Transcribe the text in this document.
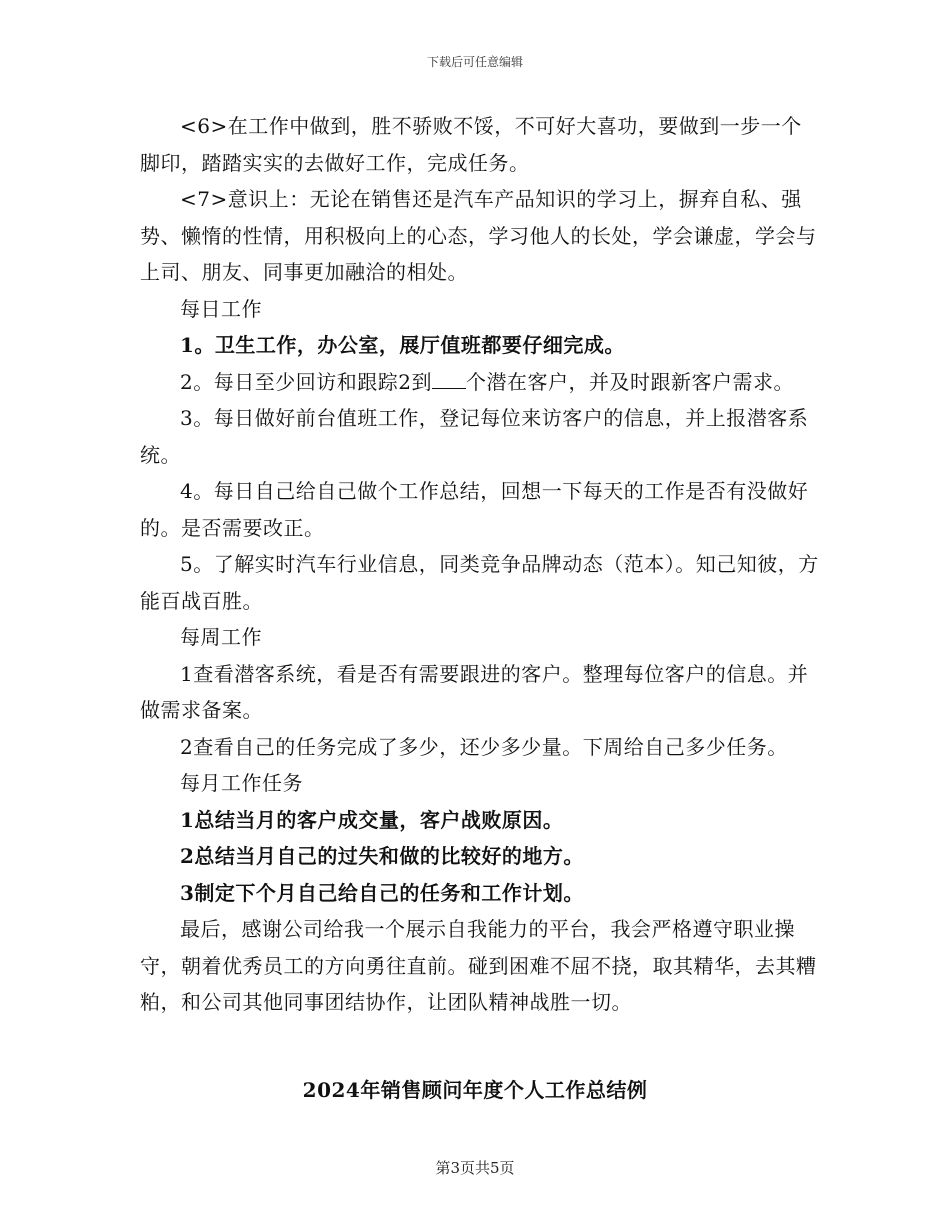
下载后可任意编辑

<6>在工作中做到，胜不骄败不馁，不可好大喜功，要做到一步一个脚印，踏踏实实的去做好工作，完成任务。

<7>意识上：无论在销售还是汽车产品知识的学习上，摒弃自私、强势、懒惰的性情，用积极向上的心态，学习他人的长处，学会谦虚，学会与上司、朋友、同事更加融洽的相处。

每日工作

1。卫生工作，办公室，展厅值班都要仔细完成。

2。每日至少回访和跟踪2到 个潜在客户，并及时跟新客户需求。

3。每日做好前台值班工作，登记每位来访客户的信息，并上报潜客系统。

4。每日自己给自己做个工作总结，回想一下每天的工作是否有没做好的。是否需要改正。

5。了解实时汽车行业信息，同类竞争品牌动态（范本）。知己知彼，方能百战百胜。

每周工作

1查看潜客系统，看是否有需要跟进的客户。整理每位客户的信息。并做需求备案。

2查看自己的任务完成了多少，还少多少量。下周给自己多少任务。

每月工作任务

1总结当月的客户成交量，客户战败原因。

2总结当月自己的过失和做的比较好的地方。

3制定下个月自己给自己的任务和工作计划。

最后，感谢公司给我一个展示自我能力的平台，我会严格遵守职业操守，朝着优秀员工的方向勇往直前。碰到困难不屈不挠，取其精华，去其糟粕，和公司其他同事团结协作，让团队精神战胜一切。

2024年销售顾问年度个人工作总结例
第3页共5页
